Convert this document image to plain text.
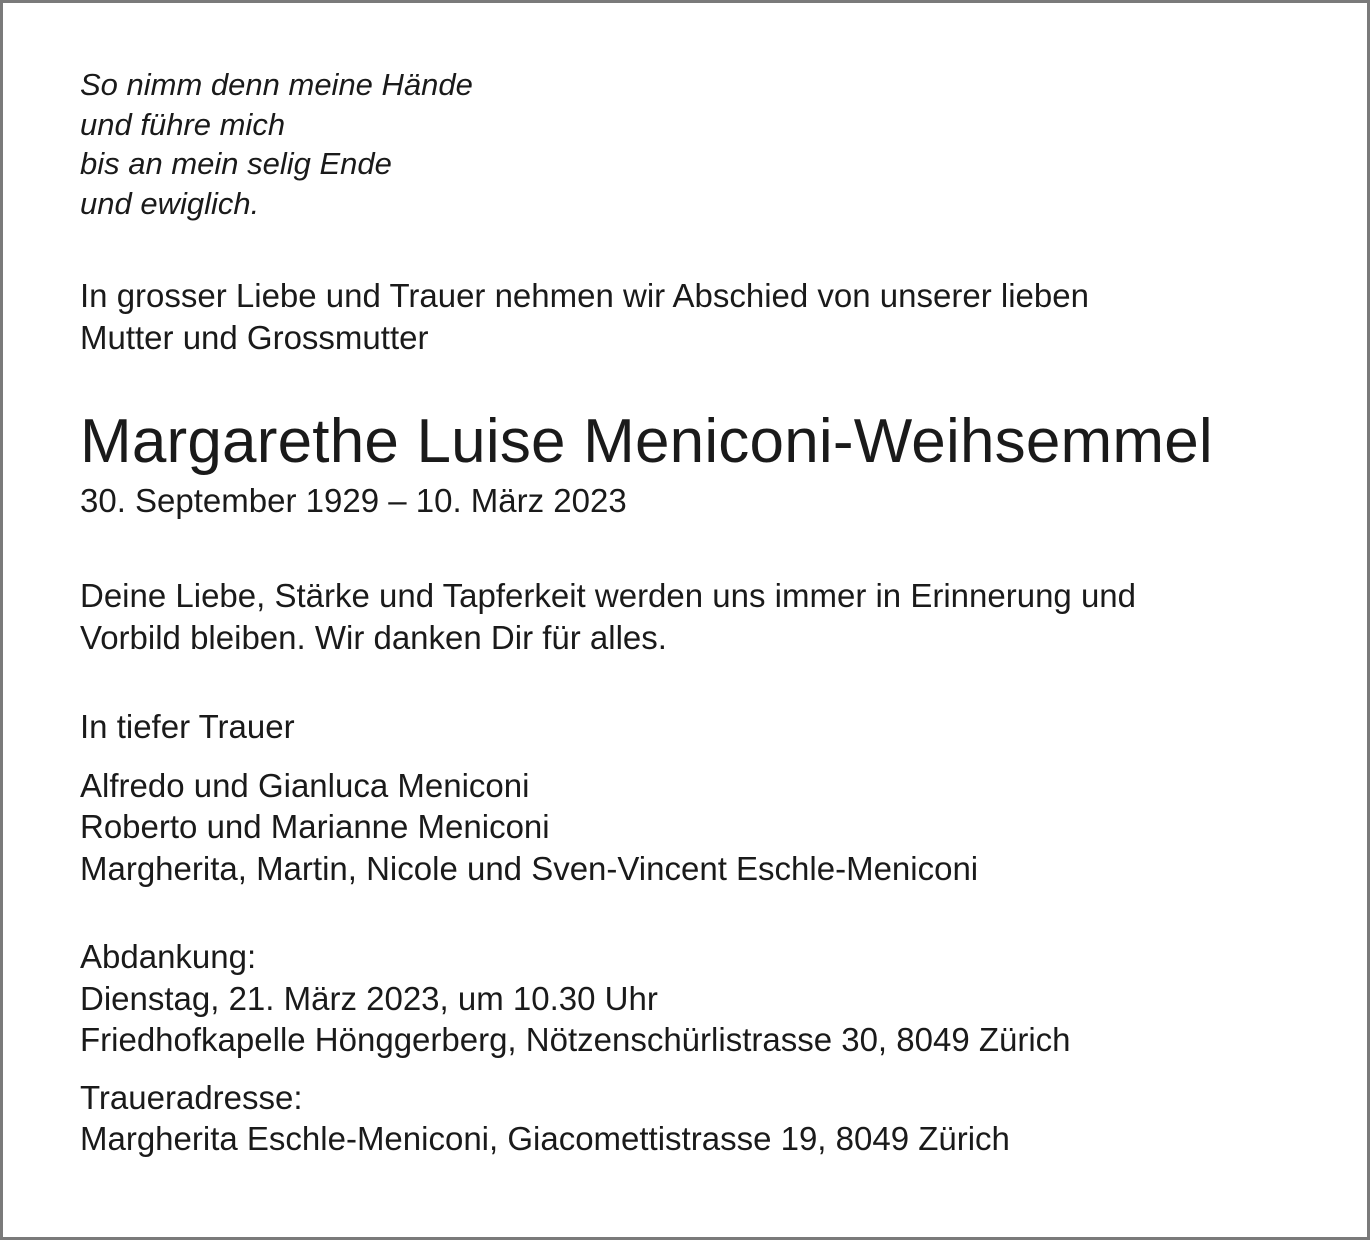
So nimm denn meine Hände
und führe mich
bis an mein selig Ende
und ewiglich.
In grosser Liebe und Trauer nehmen wir Abschied von unserer lieben
Mutter und Grossmutter
Margarethe Luise Meniconi-Weihsemmel
30. September 1929 – 10. März 2023
Deine Liebe, Stärke und Tapferkeit werden uns immer in Erinnerung und
Vorbild bleiben. Wir danken Dir für alles.
In tiefer Trauer
Alfredo und Gianluca Meniconi
Roberto und Marianne Meniconi
Margherita, Martin, Nicole und Sven-Vincent Eschle-Meniconi
Abdankung:
Dienstag, 21. März 2023, um 10.30 Uhr
Friedhofkapelle Hönggerberg, Nötzenschürlistrasse 30, 8049 Zürich
Traueradresse:
Margherita Eschle-Meniconi, Giacomettistrasse 19, 8049 Zürich
